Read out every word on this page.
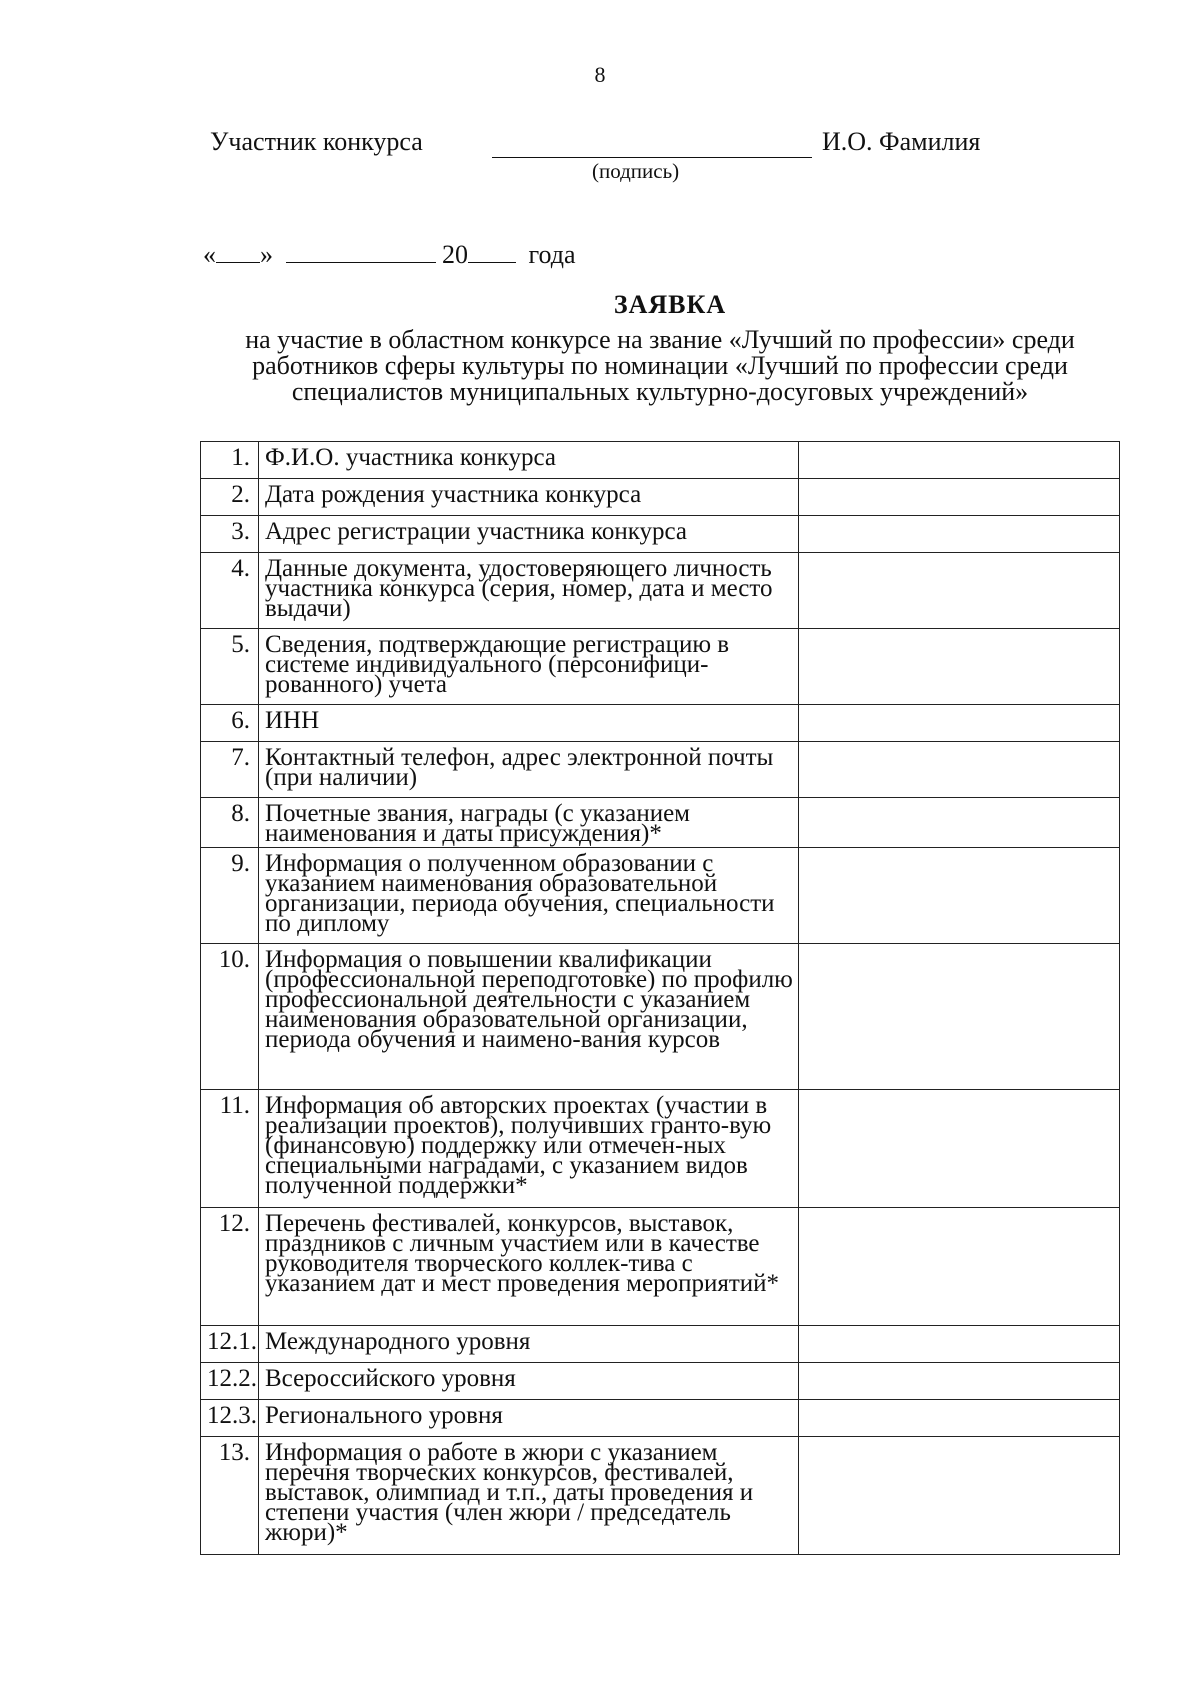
8
Участник конкурса
(подпись)
И.О. Фамилия
« »	20 года
ЗАЯВКА
на участие в областном конкурсе на звание «Лучший по профессии» среди
работников сферы культуры по номинации «Лучший по профессии среди
специалистов муниципальных культурно-досуговых учреждений»
1.	Ф.И.О. участника конкурса	
2.	Дата рождения участника конкурса	
3.	Адрес регистрации участника конкурса	
4.	Данные документа, удостоверяющего личность участника конкурса (серия, номер, дата и место выдачи)	
5.	Сведения, подтверждающие регистрацию в системе индивидуального (персонифици-рованного) учета	
6.	ИНН	
7.	Контактный телефон, адрес электронной почты (при наличии)	
8.	Почетные звания, награды (с указанием наименования и даты присуждения)*	
9.	Информация о полученном образовании с указанием наименования образовательной организации, периода обучения, специальности по диплому	
10.	Информация о повышении квалификации (профессиональной переподготовке) по профилю профессиональной деятельности с указанием наименования образовательной организации, периода обучения и наимено-вания курсов	
11.	Информация об авторских проектах (участии в реализации проектов), получивших гранто-вую (финансовую) поддержку или отмечен-ных специальными наградами, с указанием видов полученной поддержки*	
12.	Перечень фестивалей, конкурсов, выставок, праздников с личным участием или в качестве руководителя творческого коллек-тива с указанием дат и мест проведения мероприятий*	
12.1.	Международного уровня	
12.2.	Всероссийского уровня	
12.3.	Регионального уровня	
13.	Информация о работе в жюри с указанием перечня творческих конкурсов, фестивалей, выставок, олимпиад и т.п., даты проведения и степени участия (член жюри / председатель жюри)*	
